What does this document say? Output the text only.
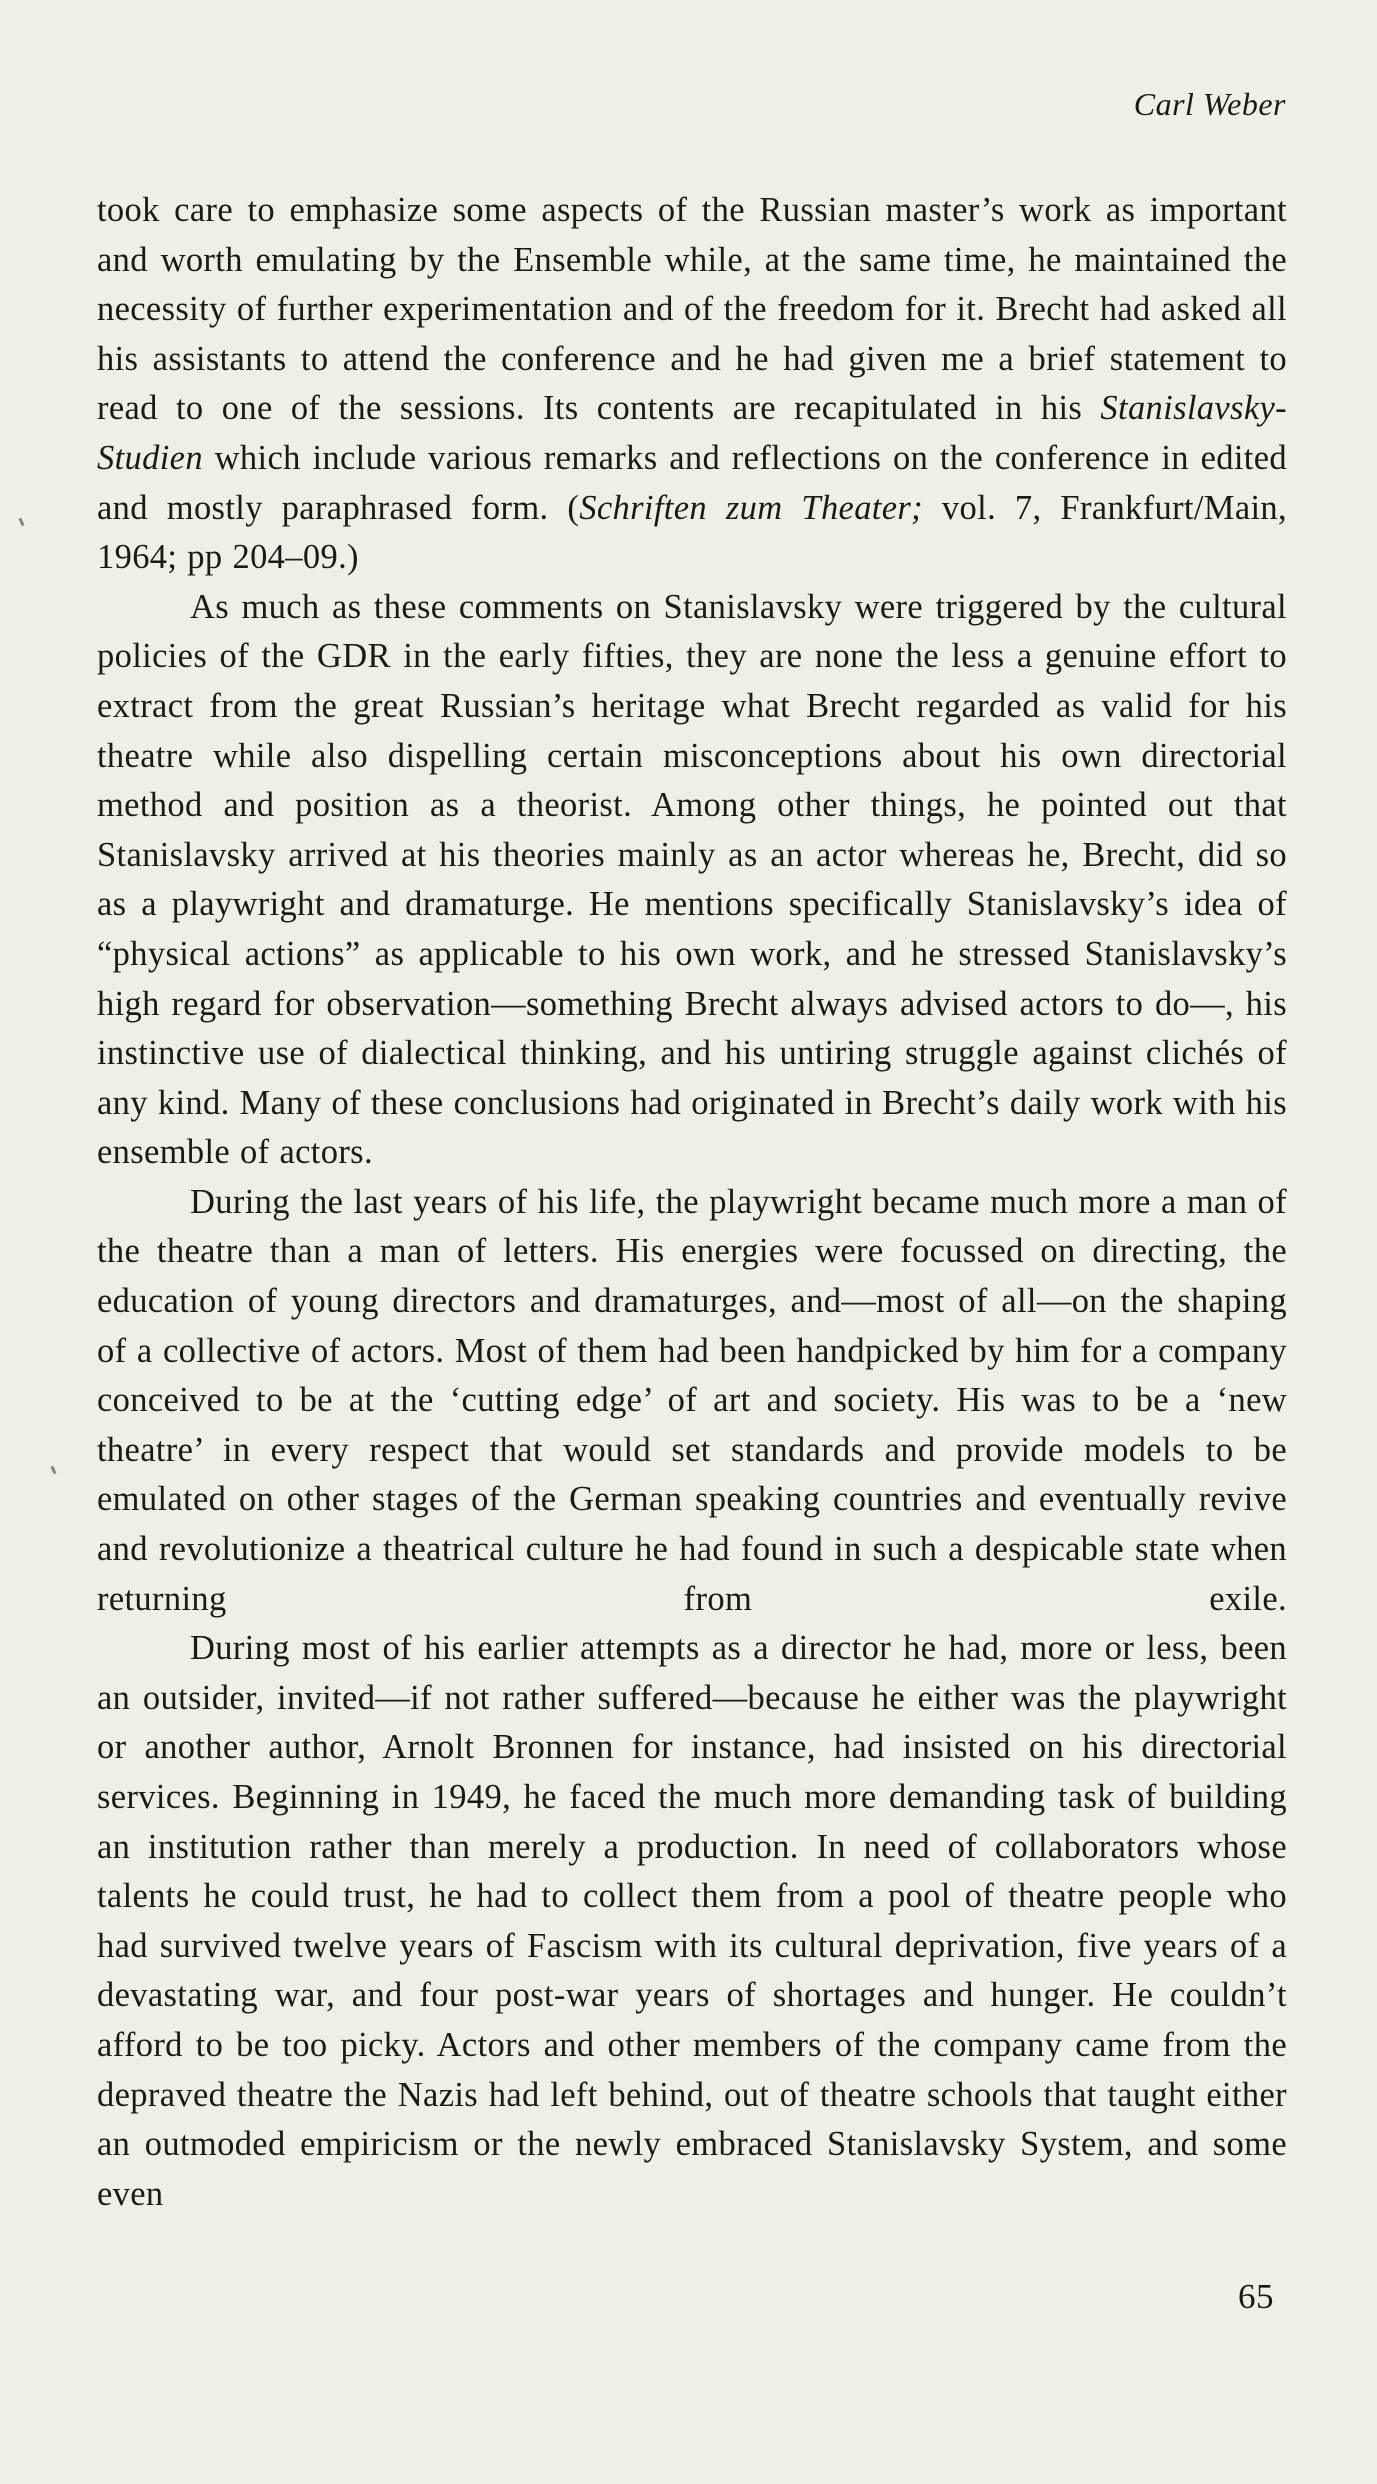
Carl Weber

took care to emphasize some aspects of the Russian master’s work as important and worth emulating by the Ensemble while, at the same time, he maintained the necessity of further experimentation and of the freedom for it. Brecht had asked all his assistants to attend the conference and he had given me a brief statement to read to one of the sessions. Its contents are recapitulated in his Stanislavsky-Studien which include various remarks and reflections on the conference in edited and mostly paraphrased form. (Schriften zum Theater; vol. 7, Frankfurt/Main, 1964; pp 204–09.)

As much as these comments on Stanislavsky were triggered by the cultural policies of the GDR in the early fifties, they are none the less a genuine effort to extract from the great Russian’s heritage what Brecht regarded as valid for his theatre while also dispelling certain misconceptions about his own directorial method and position as a theorist. Among other things, he pointed out that Stanislavsky arrived at his theories mainly as an actor whereas he, Brecht, did so as a playwright and dramaturge. He mentions specifically Stanislavsky’s idea of “physical actions” as applicable to his own work, and he stressed Stanislavsky’s high regard for observation—something Brecht always advised actors to do—, his instinctive use of dialectical thinking, and his untiring struggle against clichés of any kind. Many of these conclusions had originated in Brecht’s daily work with his ensemble of actors.

During the last years of his life, the playwright became much more a man of the theatre than a man of letters. His energies were focussed on directing, the education of young directors and dramaturges, and—most of all—on the shaping of a collective of actors. Most of them had been handpicked by him for a company conceived to be at the ‘cutting edge’ of art and society. His was to be a ‘new theatre’ in every respect that would set standards and provide models to be emulated on other stages of the German speaking countries and eventually revive and revolutionize a theatrical culture he had found in such a despicable state when returning from exile.

During most of his earlier attempts as a director he had, more or less, been an outsider, invited—if not rather suffered—because he either was the playwright or another author, Arnolt Bronnen for instance, had insisted on his directorial services. Beginning in 1949, he faced the much more demanding task of building an institution rather than merely a production. In need of collaborators whose talents he could trust, he had to collect them from a pool of theatre people who had survived twelve years of Fascism with its cultural deprivation, five years of a devastating war, and four post-war years of shortages and hunger. He couldn’t afford to be too picky. Actors and other members of the company came from the depraved theatre the Nazis had left behind, out of theatre schools that taught either an outmoded empiricism or the newly embraced Stanislavsky System, and some even

65
